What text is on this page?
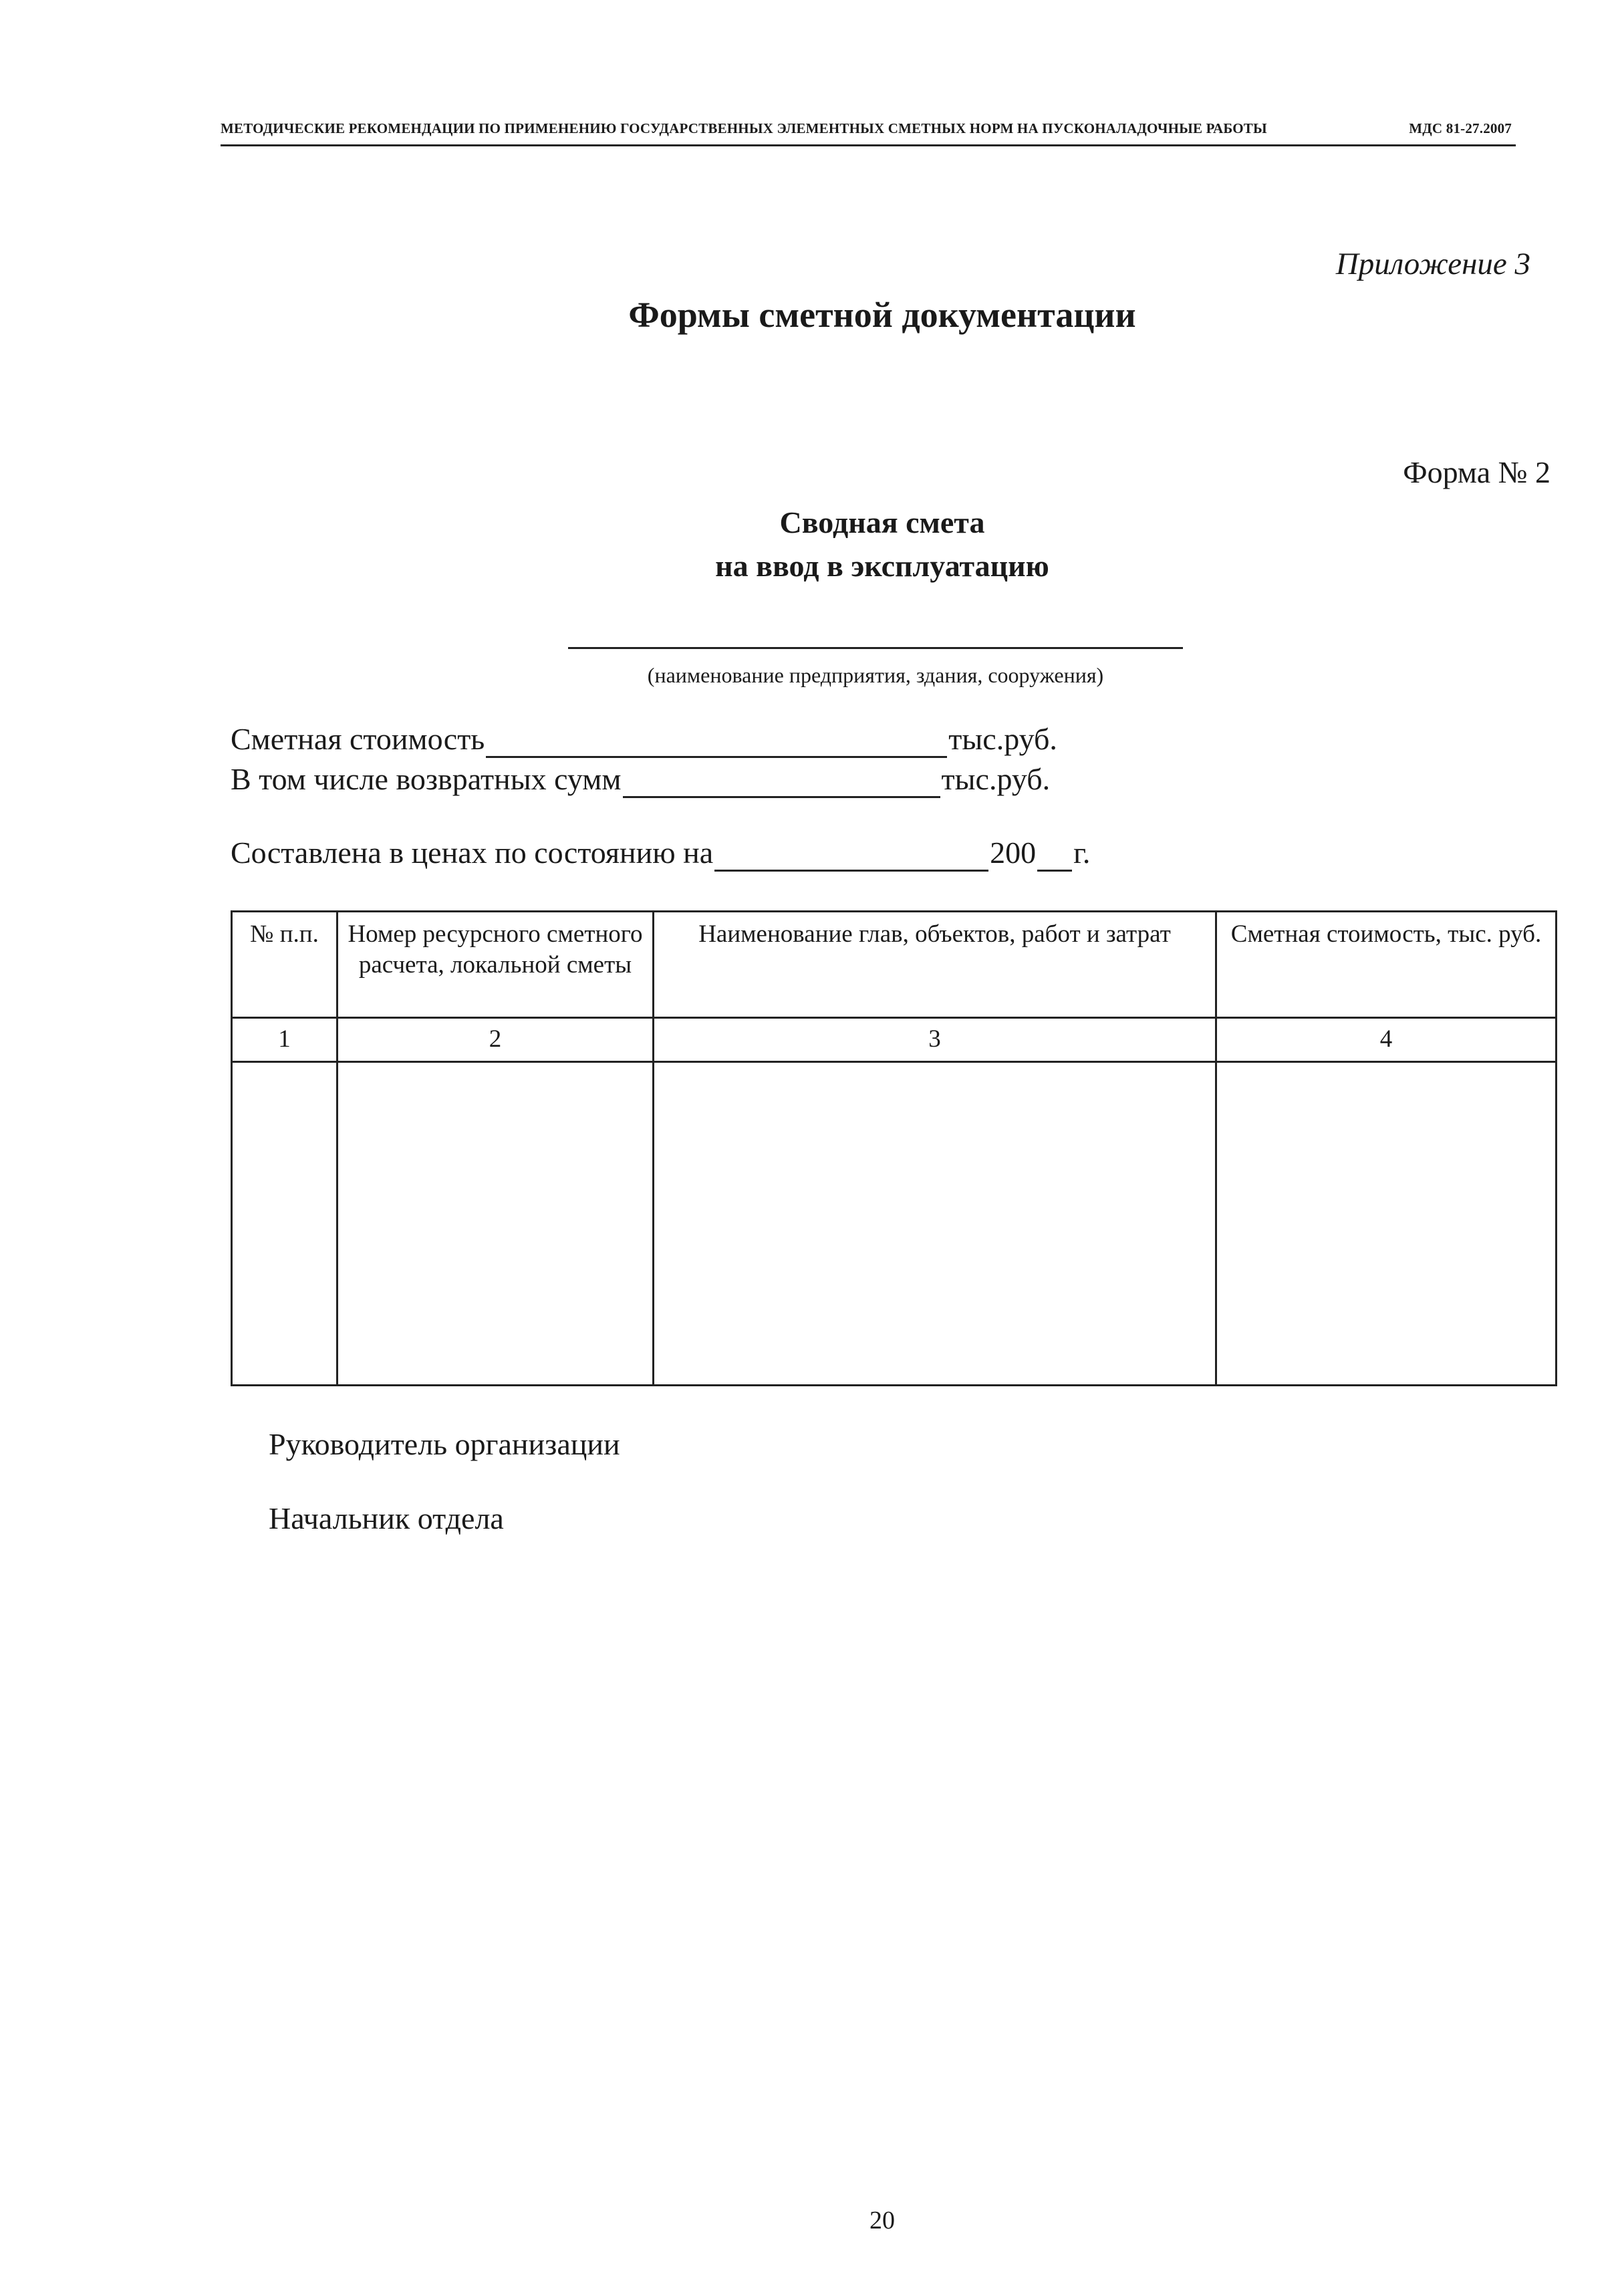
МЕТОДИЧЕСКИЕ РЕКОМЕНДАЦИИ ПО ПРИМЕНЕНИЮ ГОСУДАРСТВЕННЫХ ЭЛЕМЕНТНЫХ СМЕТНЫХ НОРМ НА ПУСКОНАЛАДОЧНЫЕ РАБОТЫ	МДС 81-27.2007
Приложение 3
Формы сметной документации
Форма № 2
Сводная смета
на ввод в эксплуатацию
(наименование предприятия, здания, сооружения)
Сметная стоимость	тыс.руб.
В том числе возвратных сумм	тыс.руб.
Составлена в ценах по состоянию на	200 г.
№ п.п.	Номер ресурсного сметного расчета, локальной сметы	Наименование глав, объектов, работ и затрат	Сметная стоимость, тыс. руб.
1	2	3	4

Руководитель организации
Начальник отдела
20
